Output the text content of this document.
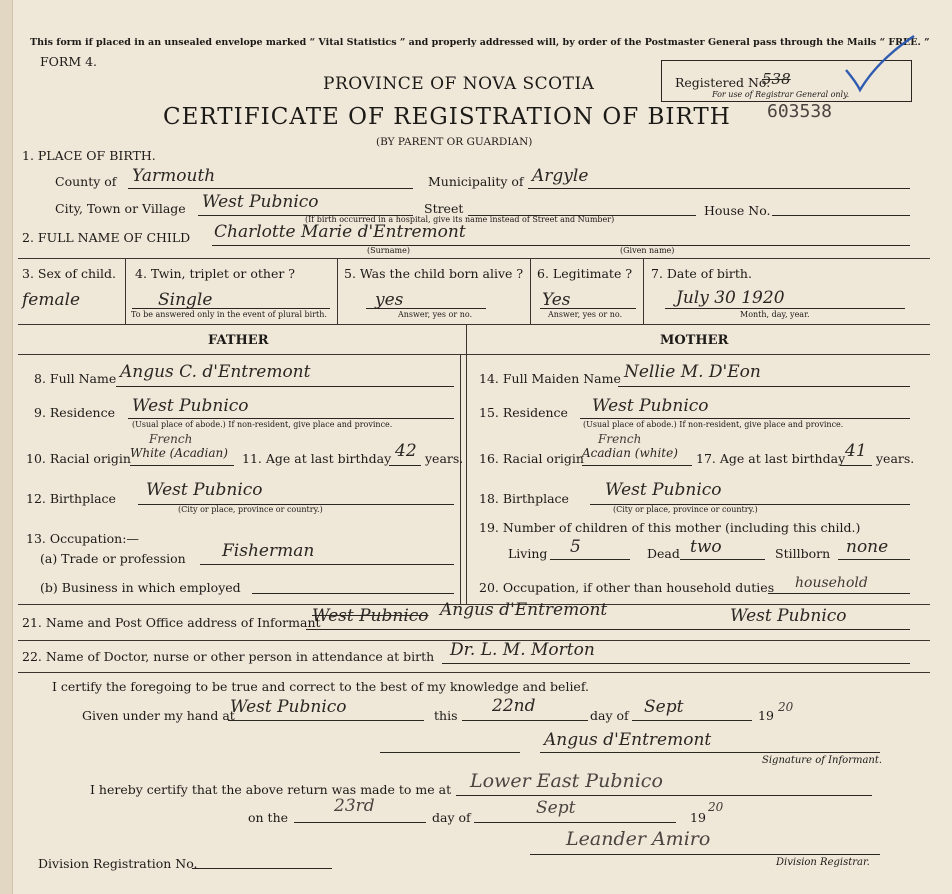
This form if placed in an unsealed envelope marked “ Vital Statistics ” and properly addressed will, by order of the Postmaster General pass through the Mails “ FREE. ”
FORM 4.
PROVINCE OF NOVA SCOTIA
CERTIFICATE OF REGISTRATION OF BIRTH
(BY PARENT OR GUARDIAN)
Registered No.
538
For use of Registrar General only.
603538
1. PLACE OF BIRTH.
County of Yarmouth	Municipality of Argyle
City, Town or Village West Pubnico	Street	House No.
(If birth occurred in a hospital, give its name instead of Street and Number)
2. FULL NAME OF CHILD Charlotte Marie d'Entremont
(Surname)	(Given name)
3. Sex of child.
female
4. Twin, triplet or other ?
Single
To be answered only in the event of plural birth.
5. Was the child born alive ?
yes
Answer, yes or no.
6. Legitimate ?
Yes
Answer, yes or no.
7. Date of birth.
July 30 1920
Month, day, year.
FATHER	MOTHER
8. Full Name Angus C. d'Entremont
9. Residence West Pubnico
(Usual place of abode.) If non-resident, give place and province.
10. Racial origin
French
White (Acadian) 11. Age at last birthday 42 years.
12. Birthplace West Pubnico
(City or place, province or country.)
13. Occupation:—
(a) Trade or profession Fisherman
(b) Business in which employed
14. Full Maiden Name Nellie M. D'Eon
15. Residence West Pubnico
(Usual place of abode.) If non-resident, give place and province.
16. Racial origin
French
Acadian (white) 17. Age at last birthday 41 years.
18. Birthplace West Pubnico
(City or place, province or country.)
19. Number of children of this mother (including this child.)
Living 5	Dead two	Stillborn none
20. Occupation, if other than household duties household
21. Name and Post Office address of Informant
West Pubnico Angus d'Entremont	West Pubnico
22. Name of Doctor, nurse or other person in attendance at birth Dr. L. M. Morton
I certify the foregoing to be true and correct to the best of my knowledge and belief.
Given under my hand at
West Pubnico	this 22nd	day of Sept	19
20
Angus d'Entremont
Signature of Informant.
I hereby certify that the above return was made to me at Lower East Pubnico
on the
23rd
day of	Sept	19
20
Leander Amiro
Division Registrar.
Division Registration No.
